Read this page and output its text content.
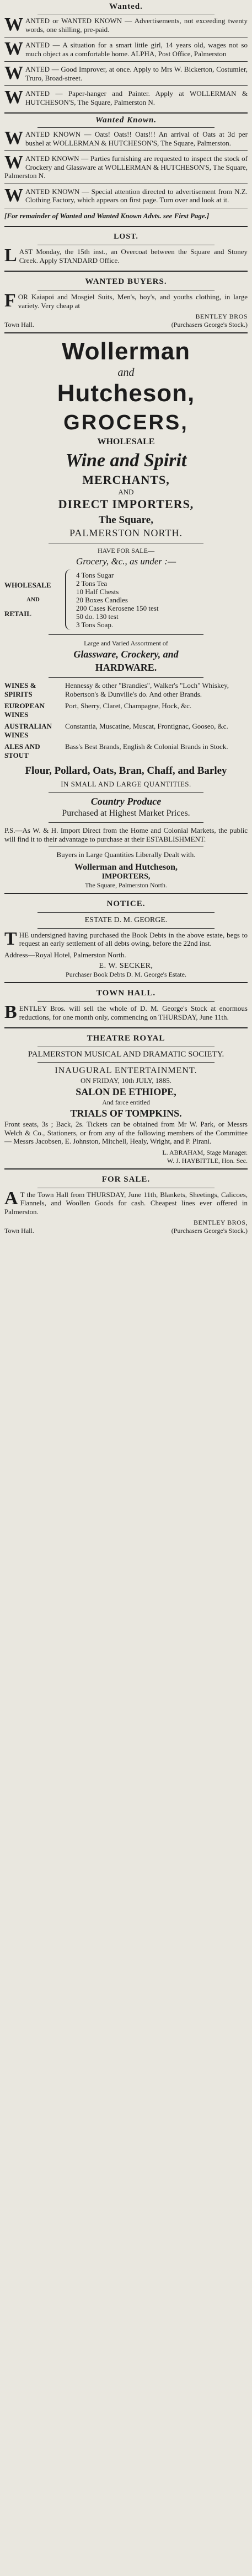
Wanted.

WANTED or WANTED KNOWN — Advertisements, not exceeding twenty words, one shilling, pre-paid.

WANTED — A situation for a smart little girl, 14 years old, wages not so much object as a comfortable home. ALPHA, Post Office, Palmerston

WANTED — Good Improver, at once. Apply to Mrs W. Bickerton, Costumier, Truro, Broad-street.

WANTED — Paper-hanger and Painter. Apply at WOLLERMAN & HUTCHESON'S, The Square, Palmerston N.

Wanted Known.

WANTED KNOWN — Oats! Oats!! Oats!!! An arrival of Oats at 3d per bushel at WOLLERMAN & HUTCHESON'S, The Square, Palmerston.

WANTED KNOWN — Parties furnishing are requested to inspect the stock of Crockery and Glassware at WOLLERMAN & HUTCHESON'S, The Square, Palmerston N.

WANTED KNOWN — Special attention directed to advertisement from N.Z. Clothing Factory, which appears on first page. Turn over and look at it.

[For remainder of Wanted and Wanted Known Advts. see First Page.]

LOST.

LAST Monday, the 15th inst., an Overcoat between the Square and Stoney Creek. Apply STANDARD Office.

WANTED BUYERS.

FOR Kaiapoi and Mosgiel Suits, Men's, boy's, and youths clothing, in large variety. Very cheap at

BENTLEY BROS
Town Hall.	(Purchasers George's Stock.)
Wollerman
and
Hutcheson,
GROCERS,
WHOLESALE
Wine and Spirit
MERCHANTS,
AND
DIRECT IMPORTERS,
The Square,
PALMERSTON NORTH.
HAVE FOR SALE—
Grocery, &c., as under :—
WHOLESALE
AND
RETAIL
4 Tons Sugar
2 Tons Tea
10 Half Chests
20 Boxes Candles
200 Cases Kerosene 150 test
50 do. 130 test
3 Tons Soap.
Large and Varied Assortment of
Glassware, Crockery, and
HARDWARE.
WINES & SPIRITS
Hennessy & other "Brandies", Walker's "Loch" Whiskey, Robertson's & Dunville's do. And other Brands.
EUROPEAN WINES
Port, Sherry, Claret, Champagne, Hock, &c.
AUSTRALIAN WINES
Constantia, Muscatine, Muscat, Frontignac, Gooseo, &c.
ALES AND STOUT
Bass's Best Brands, English & Colonial Brands in Stock.
Flour, Pollard, Oats, Bran, Chaff, and Barley
IN SMALL AND LARGE QUANTITIES.
Country Produce
Purchased at Highest Market Prices.

P.S.—As W. & H. Import Direct from the Home and Colonial Markets, the public will find it to their advantage to purchase at their ESTABLISHMENT.

Buyers in Large Quantities Liberally Dealt with.

Wollerman and Hutcheson,
IMPORTERS,
The Square, Palmerston North.
NOTICE.
ESTATE D. M. GEORGE.

THE undersigned having purchased the Book Debts in the above estate, begs to request an early settlement of all debts owing, before the 22nd inst.

Address—Royal Hotel, Palmerston North.

E. W. SECKER,
Purchaser Book Debts D. M. George's Estate.
TOWN HALL.

BENTLEY Bros. will sell the whole of D. M. George's Stock at enormous reductions, for one month only, commencing on THURSDAY, June 11th.

THEATRE ROYAL
PALMERSTON MUSICAL AND DRAMATIC SOCIETY.
INAUGURAL ENTERTAINMENT.
ON FRIDAY, 10th JULY, 1885.
SALON DE ETHIOPE,
And farce entitled
TRIALS OF TOMPKINS.

Front seats, 3s ; Back, 2s. Tickets can be obtained from Mr W. Park, or Messrs Welch & Co., Stationers, or from any of the following members of the Committee — Messrs Jacobsen, E. Johnston, Mitchell, Healy, Wright, and P. Pirani.

L. ABRAHAM, Stage Manager.
W. J. HAYBITTLE, Hon. Sec.
FOR SALE.

A T the Town Hall from THURSDAY, June 11th, Blankets, Sheetings, Calicoes, Flannels, and Woollen Goods for cash. Cheapest lines ever offered in Palmerston.

BENTLEY BROS,
Town Hall.	(Purchasers George's Stock.)
